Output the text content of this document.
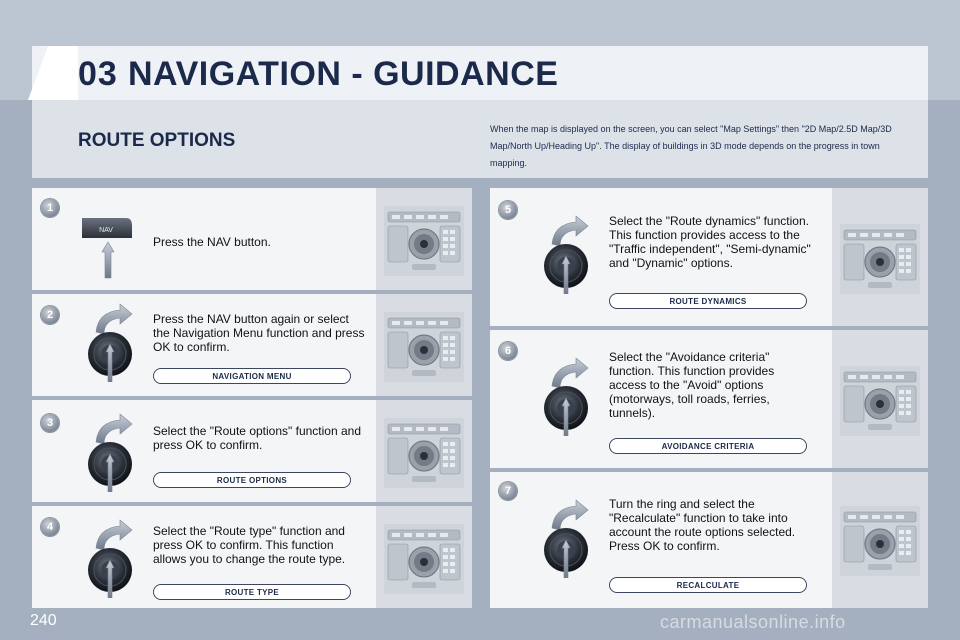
03 NAVIGATION - GUIDANCE
ROUTE OPTIONS
When the map is displayed on the screen, you can select "Map Settings" then "2D Map/2.5D Map/3D Map/North Up/Heading Up". The display of buildings in 3D mode depends on the progress in town mapping.
1
NAV
Press the NAV button.
2	Press the NAV button again or select the Navigation Menu function and press OK to confirm.
NAVIGATION MENU
3
Select the "Route options" function and press OK to confirm.
ROUTE OPTIONS
4	Select the "Route type" function and press OK to confirm. This function allows you to change the route type.
ROUTE TYPE
5
Select the "Route dynamics" function. This function provides access to the "Traffic independent", "Semi-dynamic" and "Dynamic" options.
ROUTE DYNAMICS
6	Select the "Avoidance criteria" function. This function provides access to the "Avoid" options (motorways, toll roads, ferries, tunnels).
AVOIDANCE CRITERIA
7
Turn the ring and select the "Recalculate" function to take into account the route options selected. Press OK to confirm.
RECALCULATE
240	carmanualsonline.info
